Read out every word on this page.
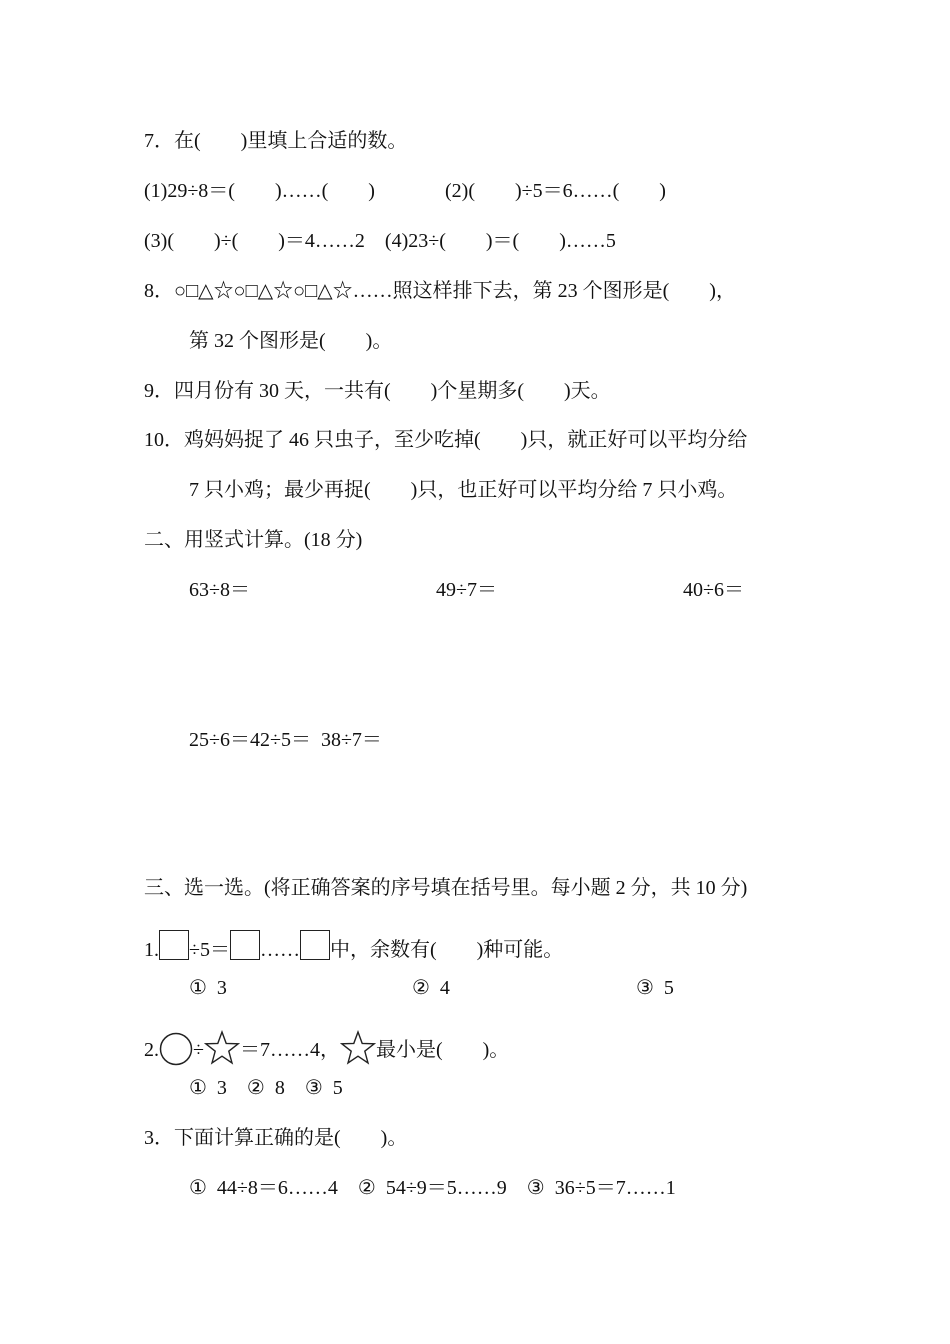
7．在(　　)里填上合适的数。
(1)29÷8＝(　　)……(　　)	(2)(　　)÷5＝6……(　　)
(3)(　　)÷(　　)＝4……2　(4)23÷(　　)＝(　　)……5
8．○□△☆○□△☆○□△☆……照这样排下去，第 23 个图形是(　　)，
第 32 个图形是(　　)。
9．四月份有 30 天，一共有(　　)个星期多(　　)天。
10．鸡妈妈捉了 46 只虫子，至少吃掉(　　)只，就正好可以平均分给
7 只小鸡；最少再捉(　　)只，也正好可以平均分给 7 只小鸡。
二、用竖式计算。(18 分)
63÷8＝	49÷7＝	40÷6＝
25÷6＝42÷5＝  38÷7＝
三、选一选。(将正确答案的序号填在括号里。每小题 2 分，共 10 分)
1. ÷5＝ …… 中，余数有(　　)种可能。
①  3	②  4	③  5
2. ÷ ＝7……4， 最小是(　　)。
①  3　②  8　③  5
3．下面计算正确的是(　　)。
①  44÷8＝6……4　②  54÷9＝5……9　③  36÷5＝7……1
